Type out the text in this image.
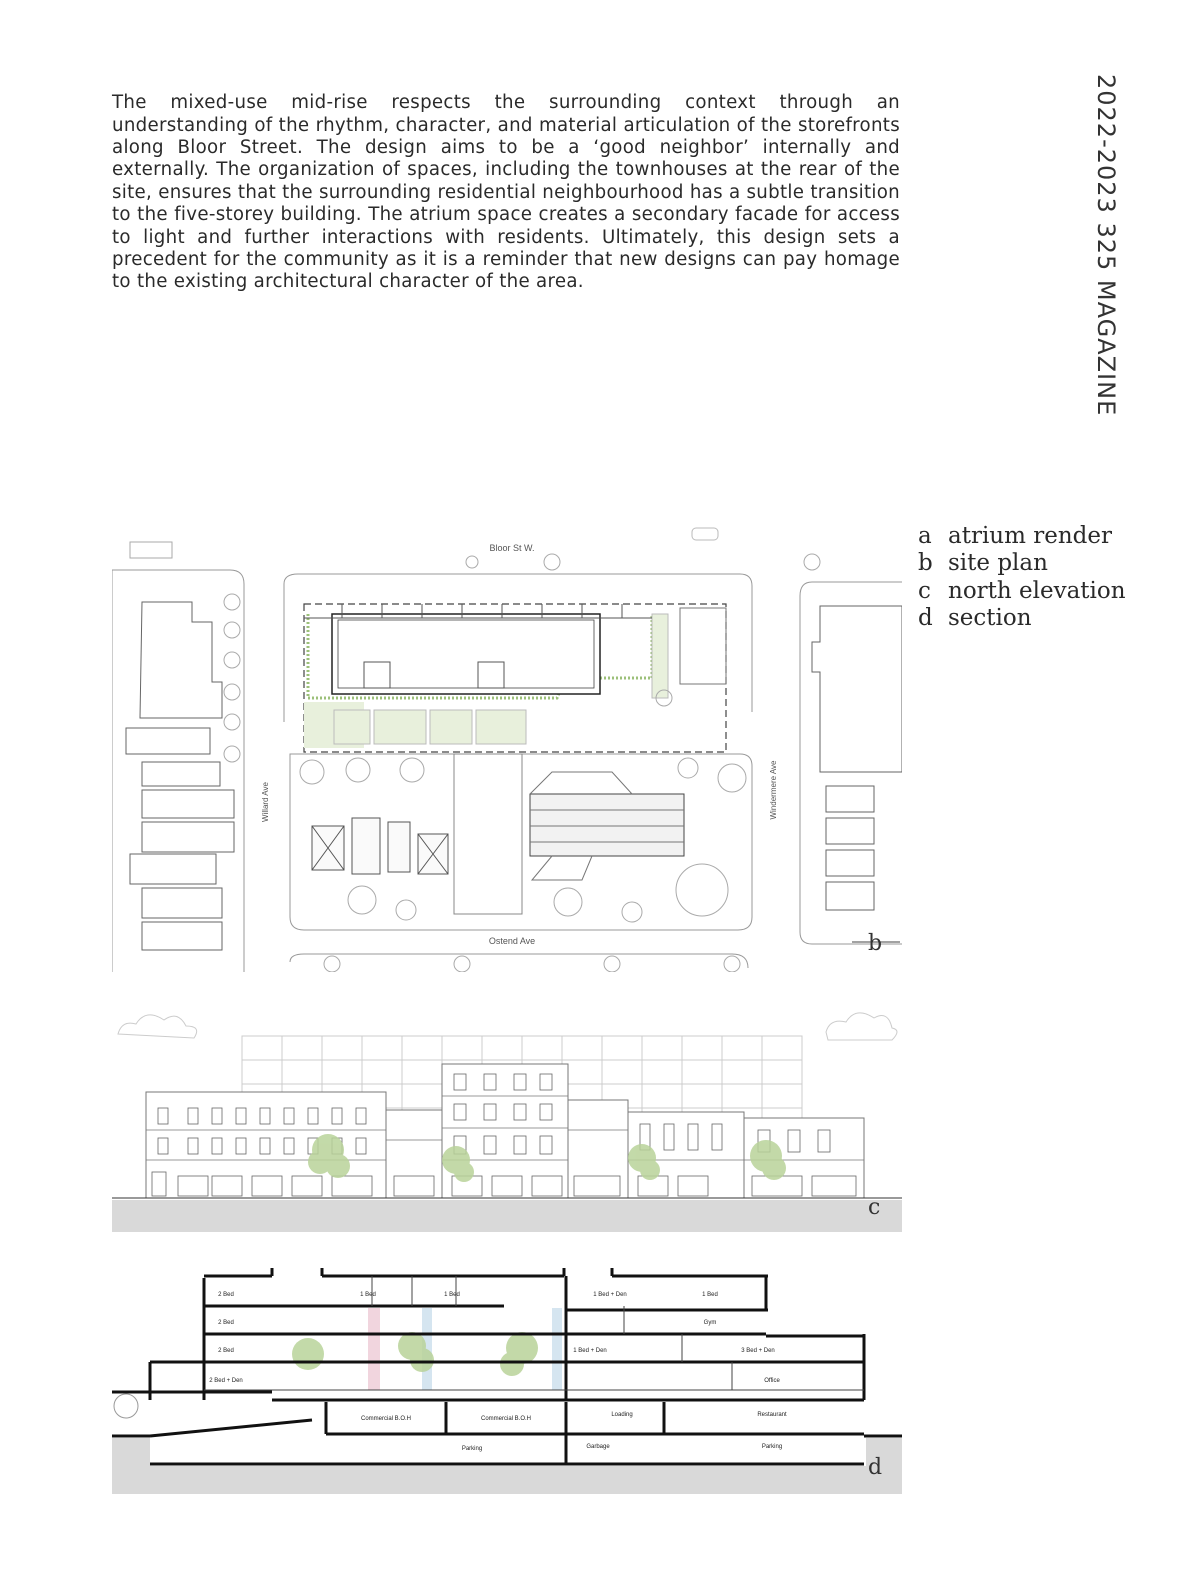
The mixed-use mid-rise respects the surrounding context through an understanding of the rhythm, character, and material articulation of the storefronts along Bloor Street. The design aims to be a ‘good neighbor’ internally and externally. The organization of spaces, including the townhouses at the rear of the site, ensures that the surrounding residential neighbourhood has a subtle transition to the five-storey building. The atrium space creates a secondary facade for access to light and further interactions with residents. Ultimately, this design sets a precedent for the community as it is a reminder that new designs can pay homage to the existing architectural character of the area.	2022-2023 325 MAGAZINE
a atrium render
b site plan
c north elevation
d section
Bloor St W.
Ostend Ave
Willard Ave	Windermere Ave
b
c
2 Bed
2 Bed
2 Bed
2 Bed + Den
1 Bed	1 Bed	1 Bed + Den	1 Bed
Gym
1 Bed + Den	3 Bed + Den
Office
Commercial B.O.H	Commercial B.O.H
Loading	Restaurant
Parking	Garbage	Parking
d
